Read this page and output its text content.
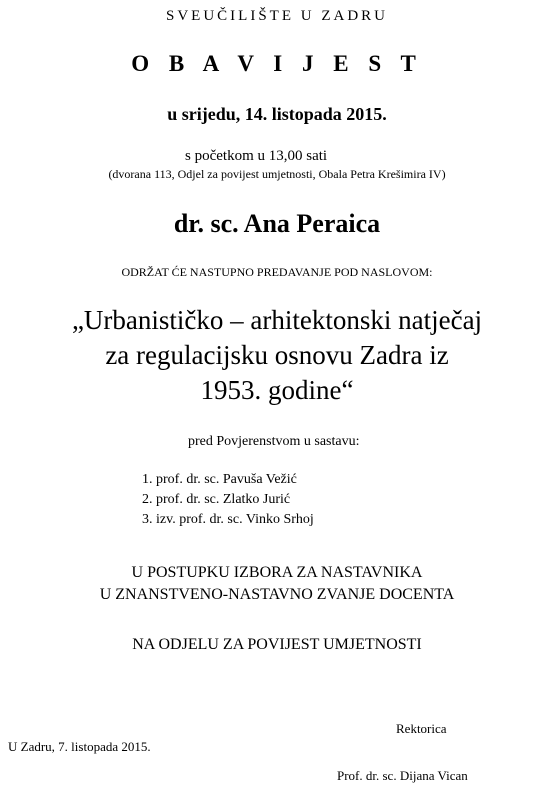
SVEUČILIŠTE U ZADRU
O B A V I J E S T
u srijedu, 14. listopada 2015.
s početkom u 13,00 sati
(dvorana 113, Odjel za povijest umjetnosti, Obala Petra Krešimira IV)
dr. sc. Ana Peraica
ODRŽAT ĆE NASTUPNO PREDAVANJE POD NASLOVOM:
„Urbanističko – arhitektonski natječaj
za regulacijsku osnovu Zadra iz
1953. godine“
pred Povjerenstvom u sastavu:
1. prof. dr. sc. Pavuša Vežić
2. prof. dr. sc. Zlatko Jurić
3. izv. prof. dr. sc. Vinko Srhoj
U POSTUPKU IZBORA ZA NASTAVNIKA
U ZNANSTVENO-NASTAVNO ZVANJE DOCENTA
NA ODJELU ZA POVIJEST UMJETNOSTI
Rektorica
U Zadru, 7. listopada 2015.
Prof. dr. sc. Dijana Vican
